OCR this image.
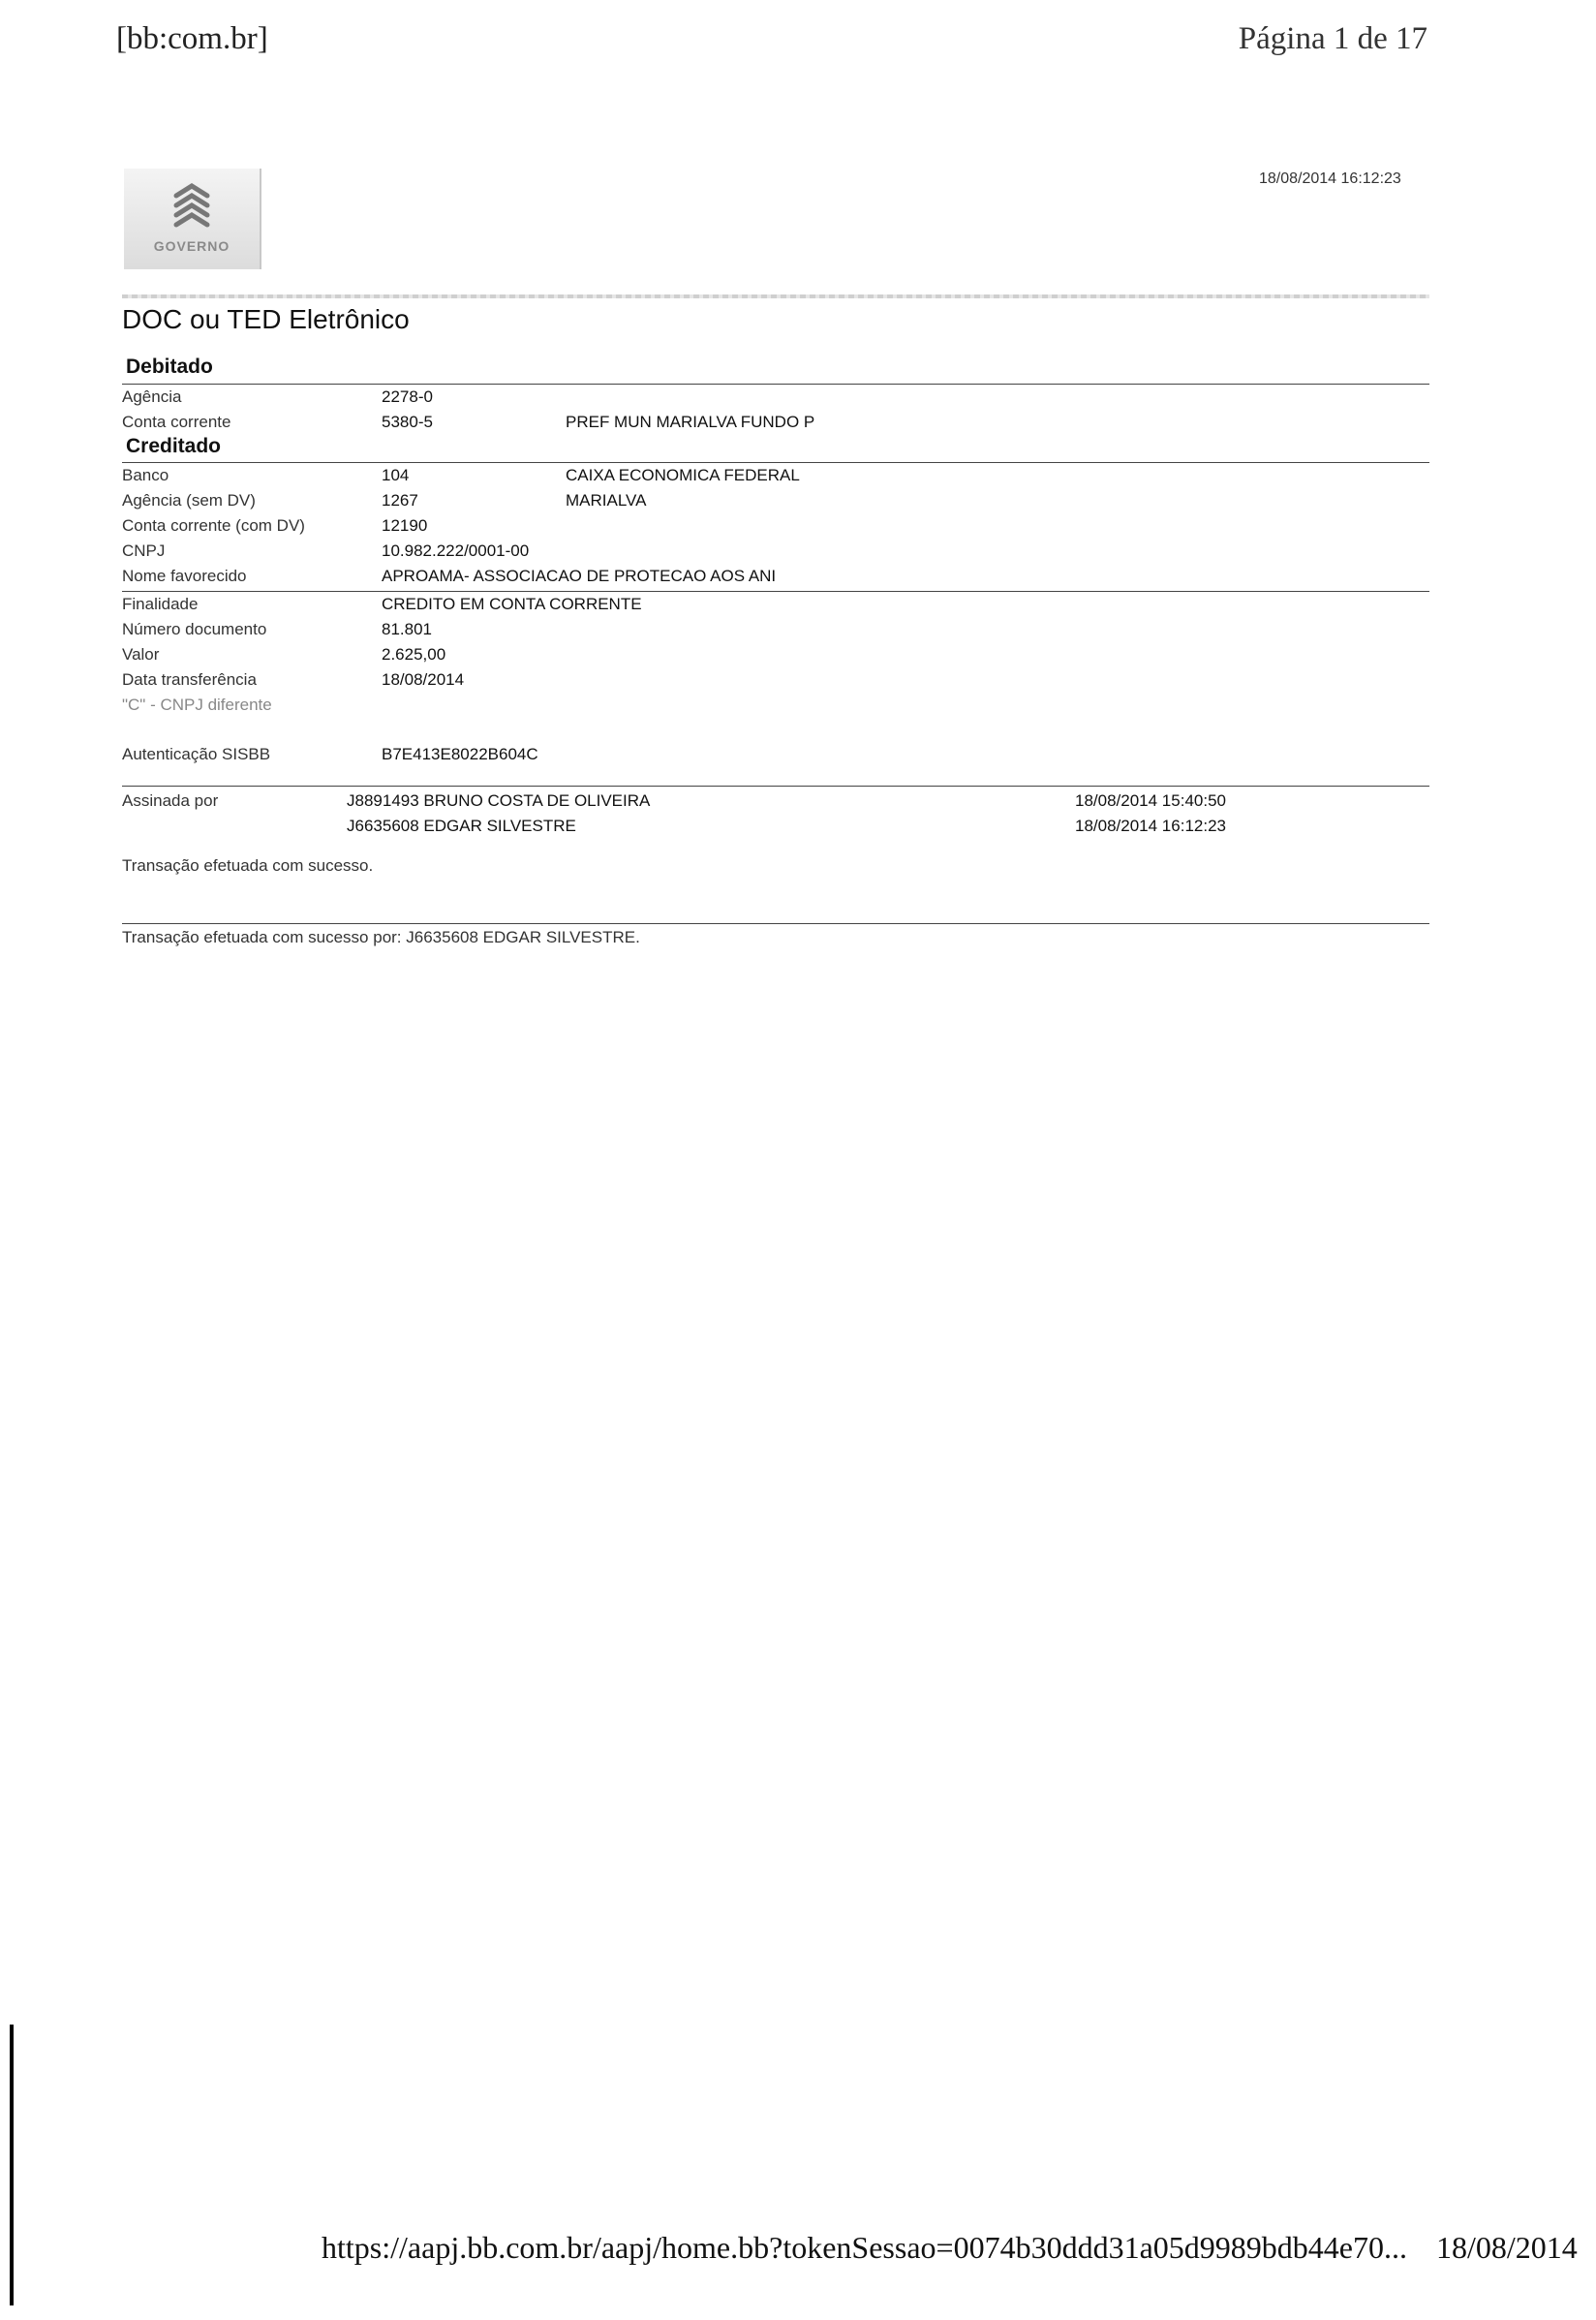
[bb:com.br]	Página 1 de 17
GOVERNO
18/08/2014 16:12:23
DOC ou TED Eletrônico
Debitado
Agência	2278-0
Conta corrente	5380-5	PREF MUN MARIALVA FUNDO P
Creditado
Banco	104	CAIXA ECONOMICA FEDERAL
Agência (sem DV)	1267	MARIALVA
Conta corrente (com DV)	12190
CNPJ	10.982.222/0001-00
Nome favorecido	APROAMA- ASSOCIACAO DE PROTECAO AOS ANI
Finalidade	CREDITO EM CONTA CORRENTE
Número documento	81.801
Valor	2.625,00
Data transferência	18/08/2014
"C" - CNPJ diferente
Autenticação SISBB	B7E413E8022B604C
Assinada por	J8891493 BRUNO COSTA DE OLIVEIRA	18/08/2014 15:40:50
J6635608 EDGAR SILVESTRE	18/08/2014 16:12:23
Transação efetuada com sucesso.
Transação efetuada com sucesso por: J6635608 EDGAR SILVESTRE.
https://aapj.bb.com.br/aapj/home.bb?tokenSessao=0074b30ddd31a05d9989bdb44e70... 18/08/2014
